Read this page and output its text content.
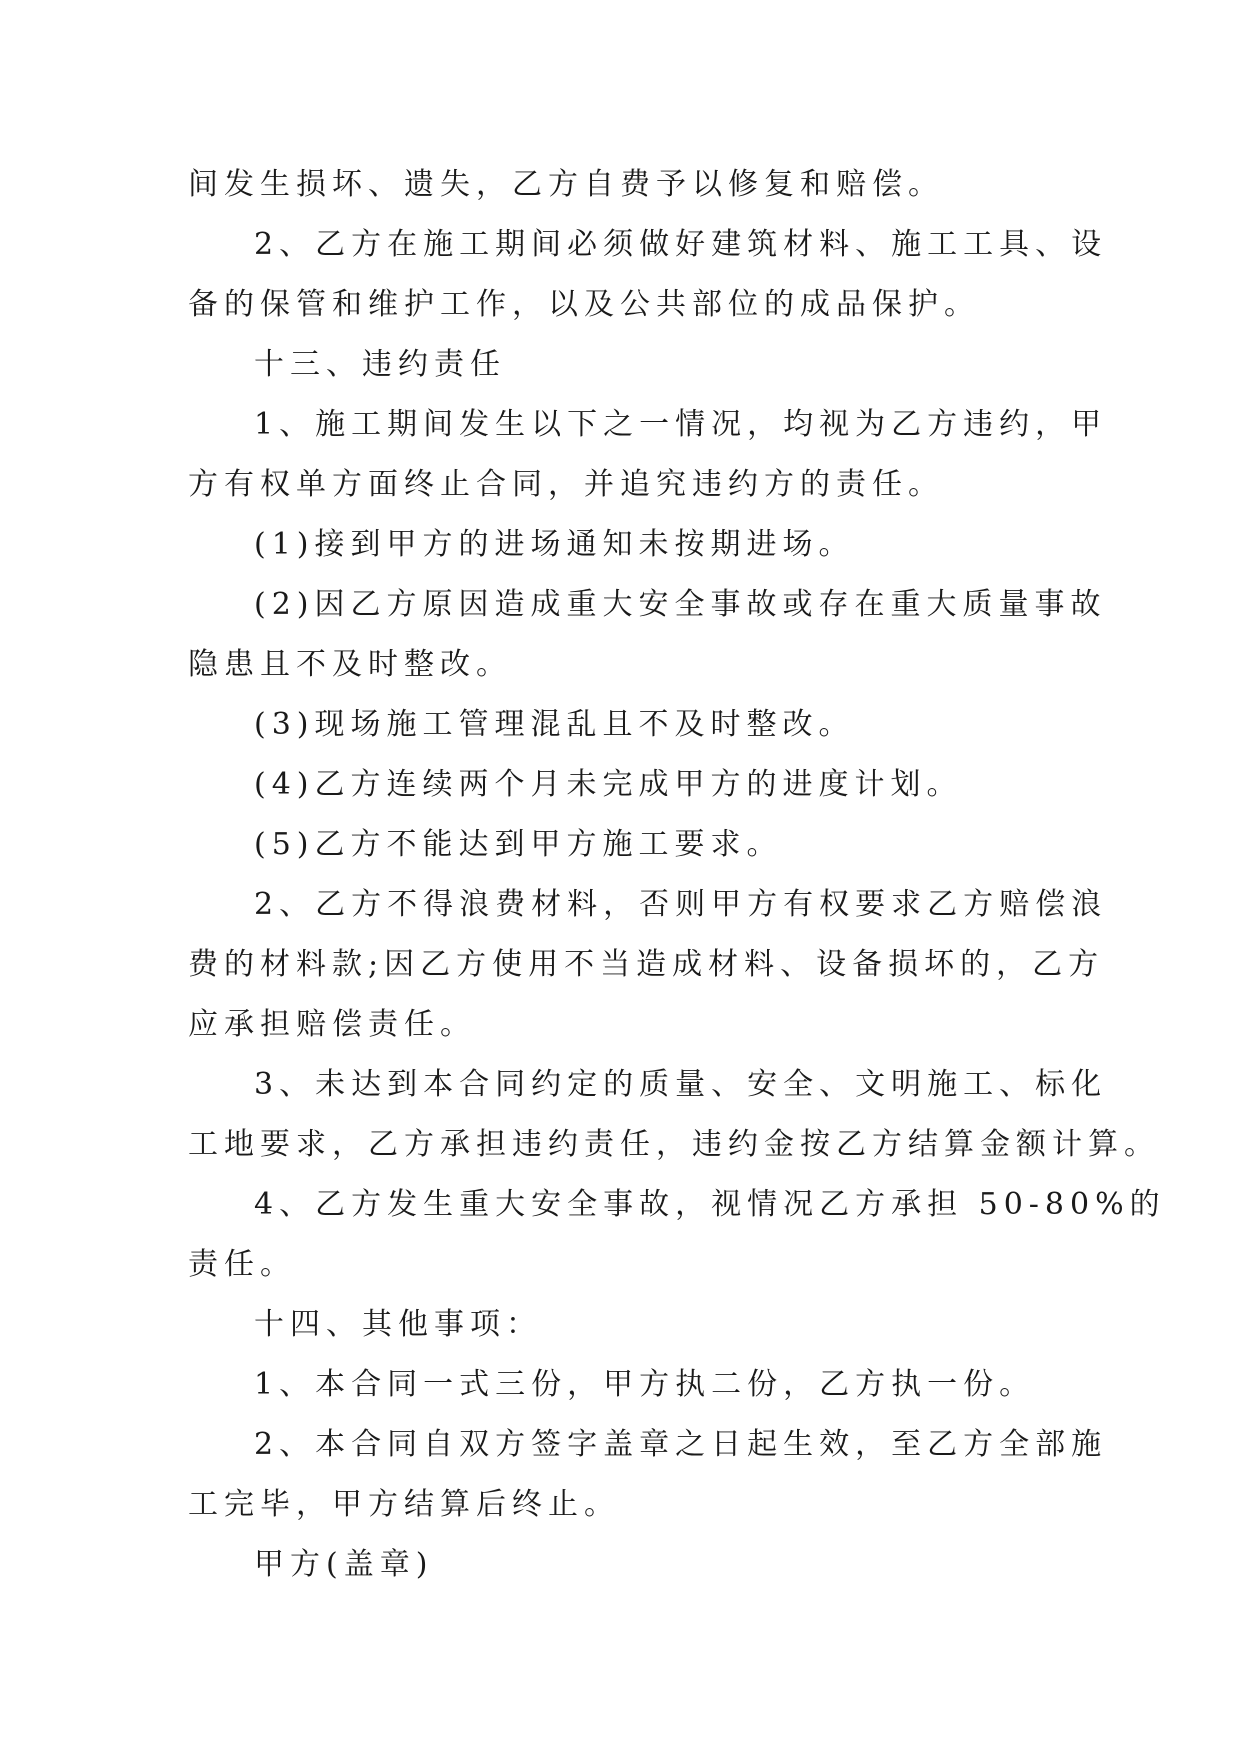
间发生损坏、遗失，乙方自费予以修复和赔偿。
2、乙方在施工期间必须做好建筑材料、施工工具、设
备的保管和维护工作，以及公共部位的成品保护。
十三、违约责任
1、施工期间发生以下之一情况，均视为乙方违约，甲
方有权单方面终止合同，并追究违约方的责任。
(1)接到甲方的进场通知未按期进场。
(2)因乙方原因造成重大安全事故或存在重大质量事故
隐患且不及时整改。
(3)现场施工管理混乱且不及时整改。
(4)乙方连续两个月未完成甲方的进度计划。
(5)乙方不能达到甲方施工要求。
2、乙方不得浪费材料，否则甲方有权要求乙方赔偿浪
费的材料款;因乙方使用不当造成材料、设备损坏的，乙方
应承担赔偿责任。
3、未达到本合同约定的质量、安全、文明施工、标化
工地要求，乙方承担违约责任，违约金按乙方结算金额计算。
4、乙方发生重大安全事故，视情况乙方承担 50-80%的
责任。
十四、其他事项：
1、本合同一式三份，甲方执二份，乙方执一份。
2、本合同自双方签字盖章之日起生效，至乙方全部施
工完毕，甲方结算后终止。
甲方(盖章)
